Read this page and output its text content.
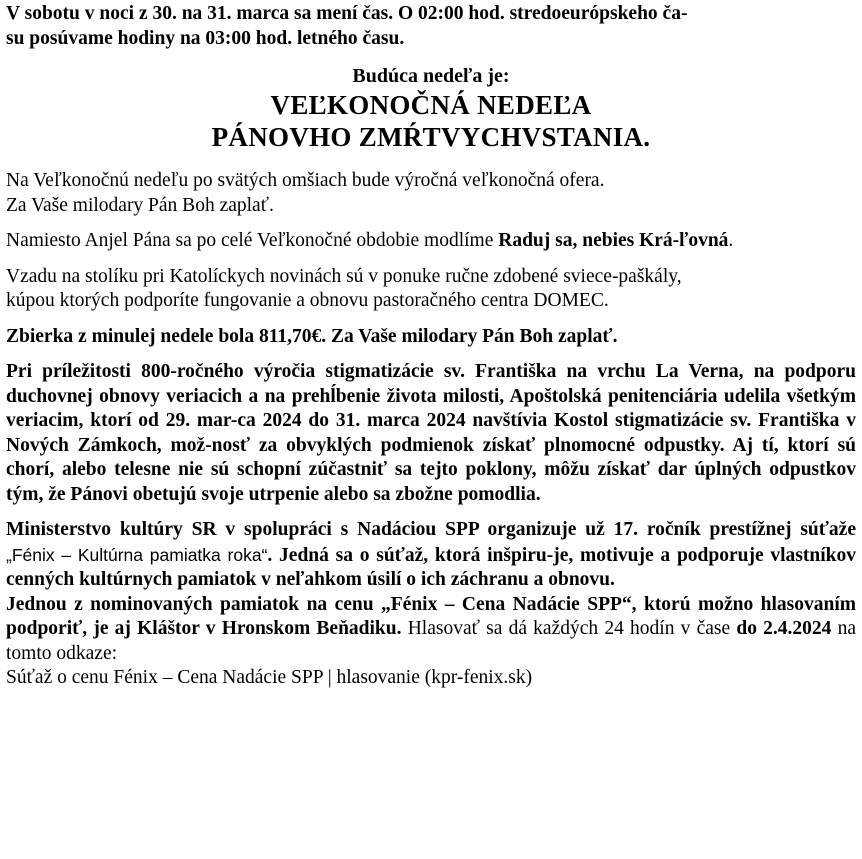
V sobotu v noci z 30. na 31. marca sa mení čas. O 02:00 hod. stredoeurópskeho ča-
su posúvame hodiny na 03:00 hod. letného času.

Budúca nedeľa je:

VEĽKONOČNÁ NEDEĽA

PÁNOVHO ZMŔTVYCHVSTANIA.

Na Veľkonočnú nedeľu po svätých omšiach bude výročná veľkonočná ofera.
Za Vaše milodary Pán Boh zaplať.

Namiesto Anjel Pána sa po celé Veľkonočné obdobie modlíme Raduj sa, nebies Krá-ľovná.

Vzadu na stolíku pri Katolíckych novinách sú v ponuke ručne zdobené sviece-paškály,
kúpou ktorých podporíte fungovanie a obnovu pastoračného centra DOMEC.

Zbierka z minulej nedele bola 811,70€. Za Vaše milodary Pán Boh zaplať.

Pri príležitosti 800-ročného výročia stigmatizácie sv. Františka na vrchu La Verna, na podporu duchovnej obnovy veriacich a na prehĺbenie života milosti, Apoštolská penitenciária udelila všetkým veriacim, ktorí od 29. mar-ca 2024 do 31. marca 2024 navštívia Kostol stigmatizácie sv. Františka v Nových Zámkoch, mož-nosť za obvyklých podmienok získať plnomocné odpustky. Aj tí, ktorí sú chorí, alebo telesne nie sú schopní zúčastniť sa tejto poklony, môžu získať dar úplných odpustkov tým, že Pánovi obetujú svoje utrpenie alebo sa zbožne pomodlia.

Ministerstvo kultúry SR v spolupráci s Nadáciou SPP organizuje už 17. ročník prestížnej súťaže „Fénix – Kultúrna pamiatka roka“. Jedná sa o súťaž, ktorá inšpiru-je, motivuje a podporuje vlastníkov cenných kultúrnych pamiatok v neľahkom úsilí o ich záchranu a obnovu.

Jednou z nominovaných pamiatok na cenu „Fénix – Cena Nadácie SPP“, ktorú možno hlasovaním podporiť, je aj Kláštor v Hronskom Beňadiku. Hlasovať sa dá každých 24 hodín v čase do 2.4.2024 na tomto odkaze:

Súťaž o cenu Fénix – Cena Nadácie SPP | hlasovanie (kpr-fenix.sk)
